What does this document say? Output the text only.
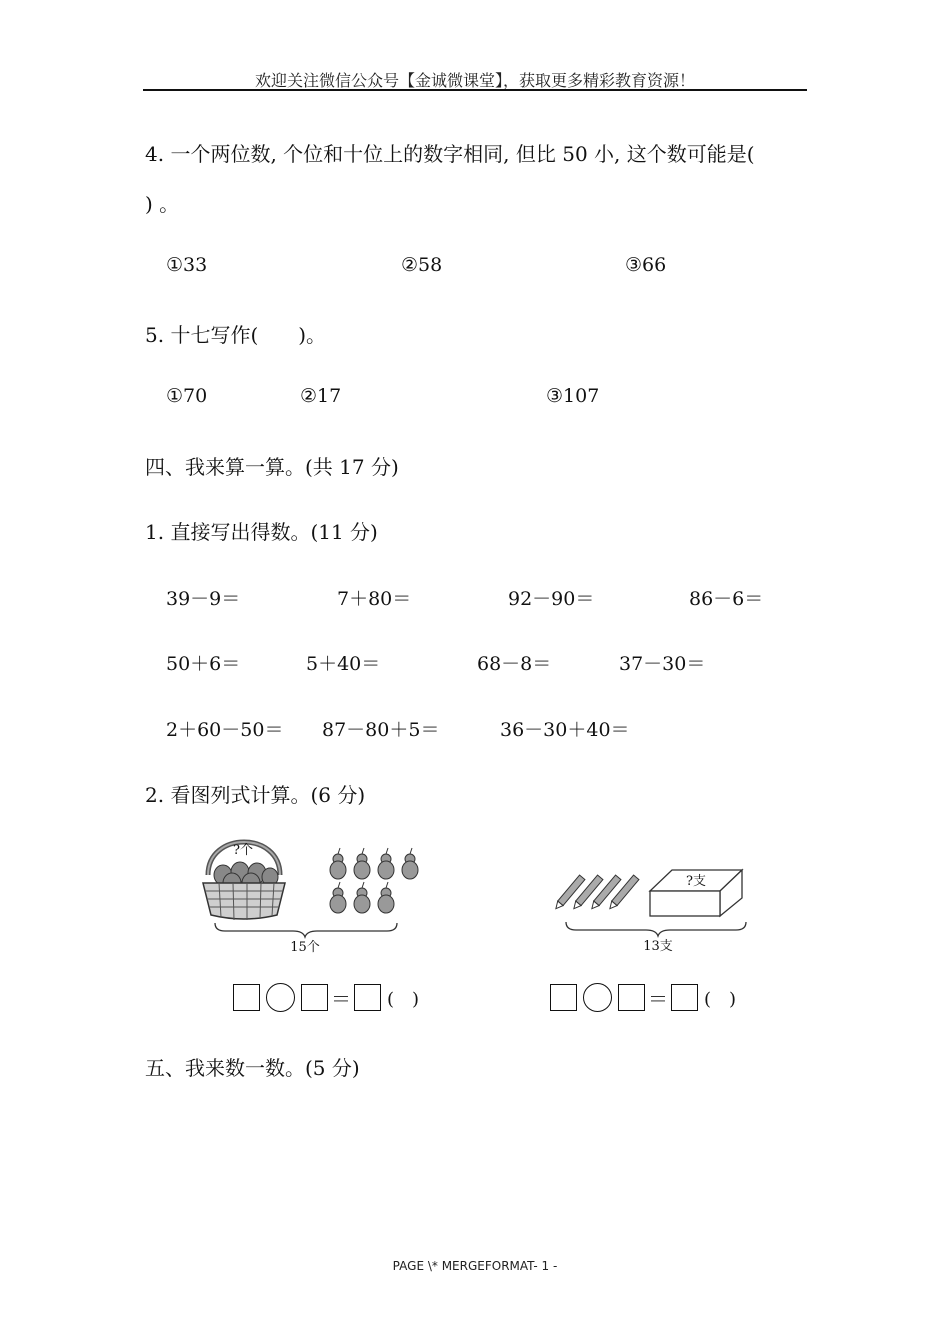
欢迎关注微信公众号【金诚微课堂】，获取更多精彩教育资源！
4. 一个两位数, 个位和十位上的数字相同, 但比 50 小, 这个数可能是(
) 。
①33	②58	③66
5. 十七写作(　　)。
①70	②17	③107
四、我来算一算。(共 17 分)
1. 直接写出得数。(11 分)
39－9＝	7＋80＝	92－90＝	86－6＝
50＋6＝	5＋40＝	68－8＝	37－30＝
2＋60－50＝ 87－80＋5＝	36－30＋40＝
2. 看图列式计算。(6 分)
?个
15个
?支
13支
＝ (　)	＝ (　)
五、我来数一数。(5 分)
PAGE \* MERGEFORMAT- 1 -
